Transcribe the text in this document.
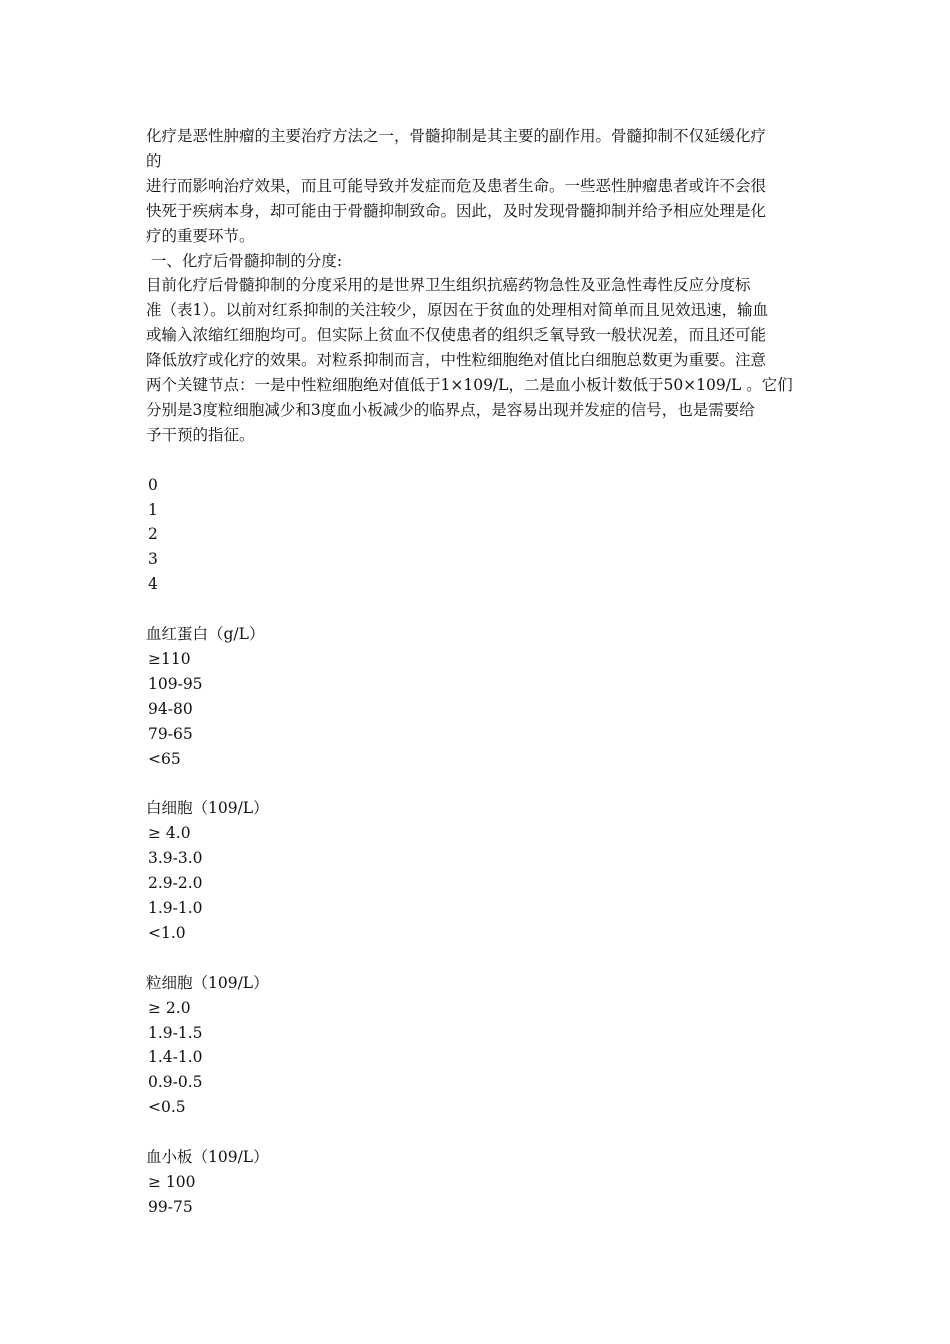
化疗是恶性肿瘤的主要治疗方法之一，骨髓抑制是其主要的副作用。骨髓抑制不仅延缓化疗
的
进行而影响治疗效果，而且可能导致并发症而危及患者生命。一些恶性肿瘤患者或许不会很
快死于疾病本身，却可能由于骨髓抑制致命。因此，及时发现骨髓抑制并给予相应处理是化
疗的重要环节。
一、化疗后骨髓抑制的分度:
目前化疗后骨髓抑制的分度采用的是世界卫生组织抗癌药物急性及亚急性毒性反应分度标
准（表1）。以前对红系抑制的关注较少，原因在于贫血的处理相对简单而且见效迅速，输血
或输入浓缩红细胞均可。但实际上贫血不仅使患者的组织乏氧导致一般状况差，而且还可能
降低放疗或化疗的效果。对粒系抑制而言，中性粒细胞绝对值比白细胞总数更为重要。注意
两个关键节点：一是中性粒细胞绝对值低于1×109/L，二是血小板计数低于50×109/L 。它们
分别是3度粒细胞减少和3度血小板减少的临界点，是容易出现并发症的信号，也是需要给
予干预的指征。
0
1
2
3
4
血红蛋白（g/L）
≥110
109-95
94-80
79-65
<65
白细胞（109/L）
≥ 4.0
3.9-3.0
2.9-2.0
1.9-1.0
<1.0
粒细胞（109/L）
≥ 2.0
1.9-1.5
1.4-1.0
0.9-0.5
<0.5
血小板（109/L）
≥ 100
99-75
